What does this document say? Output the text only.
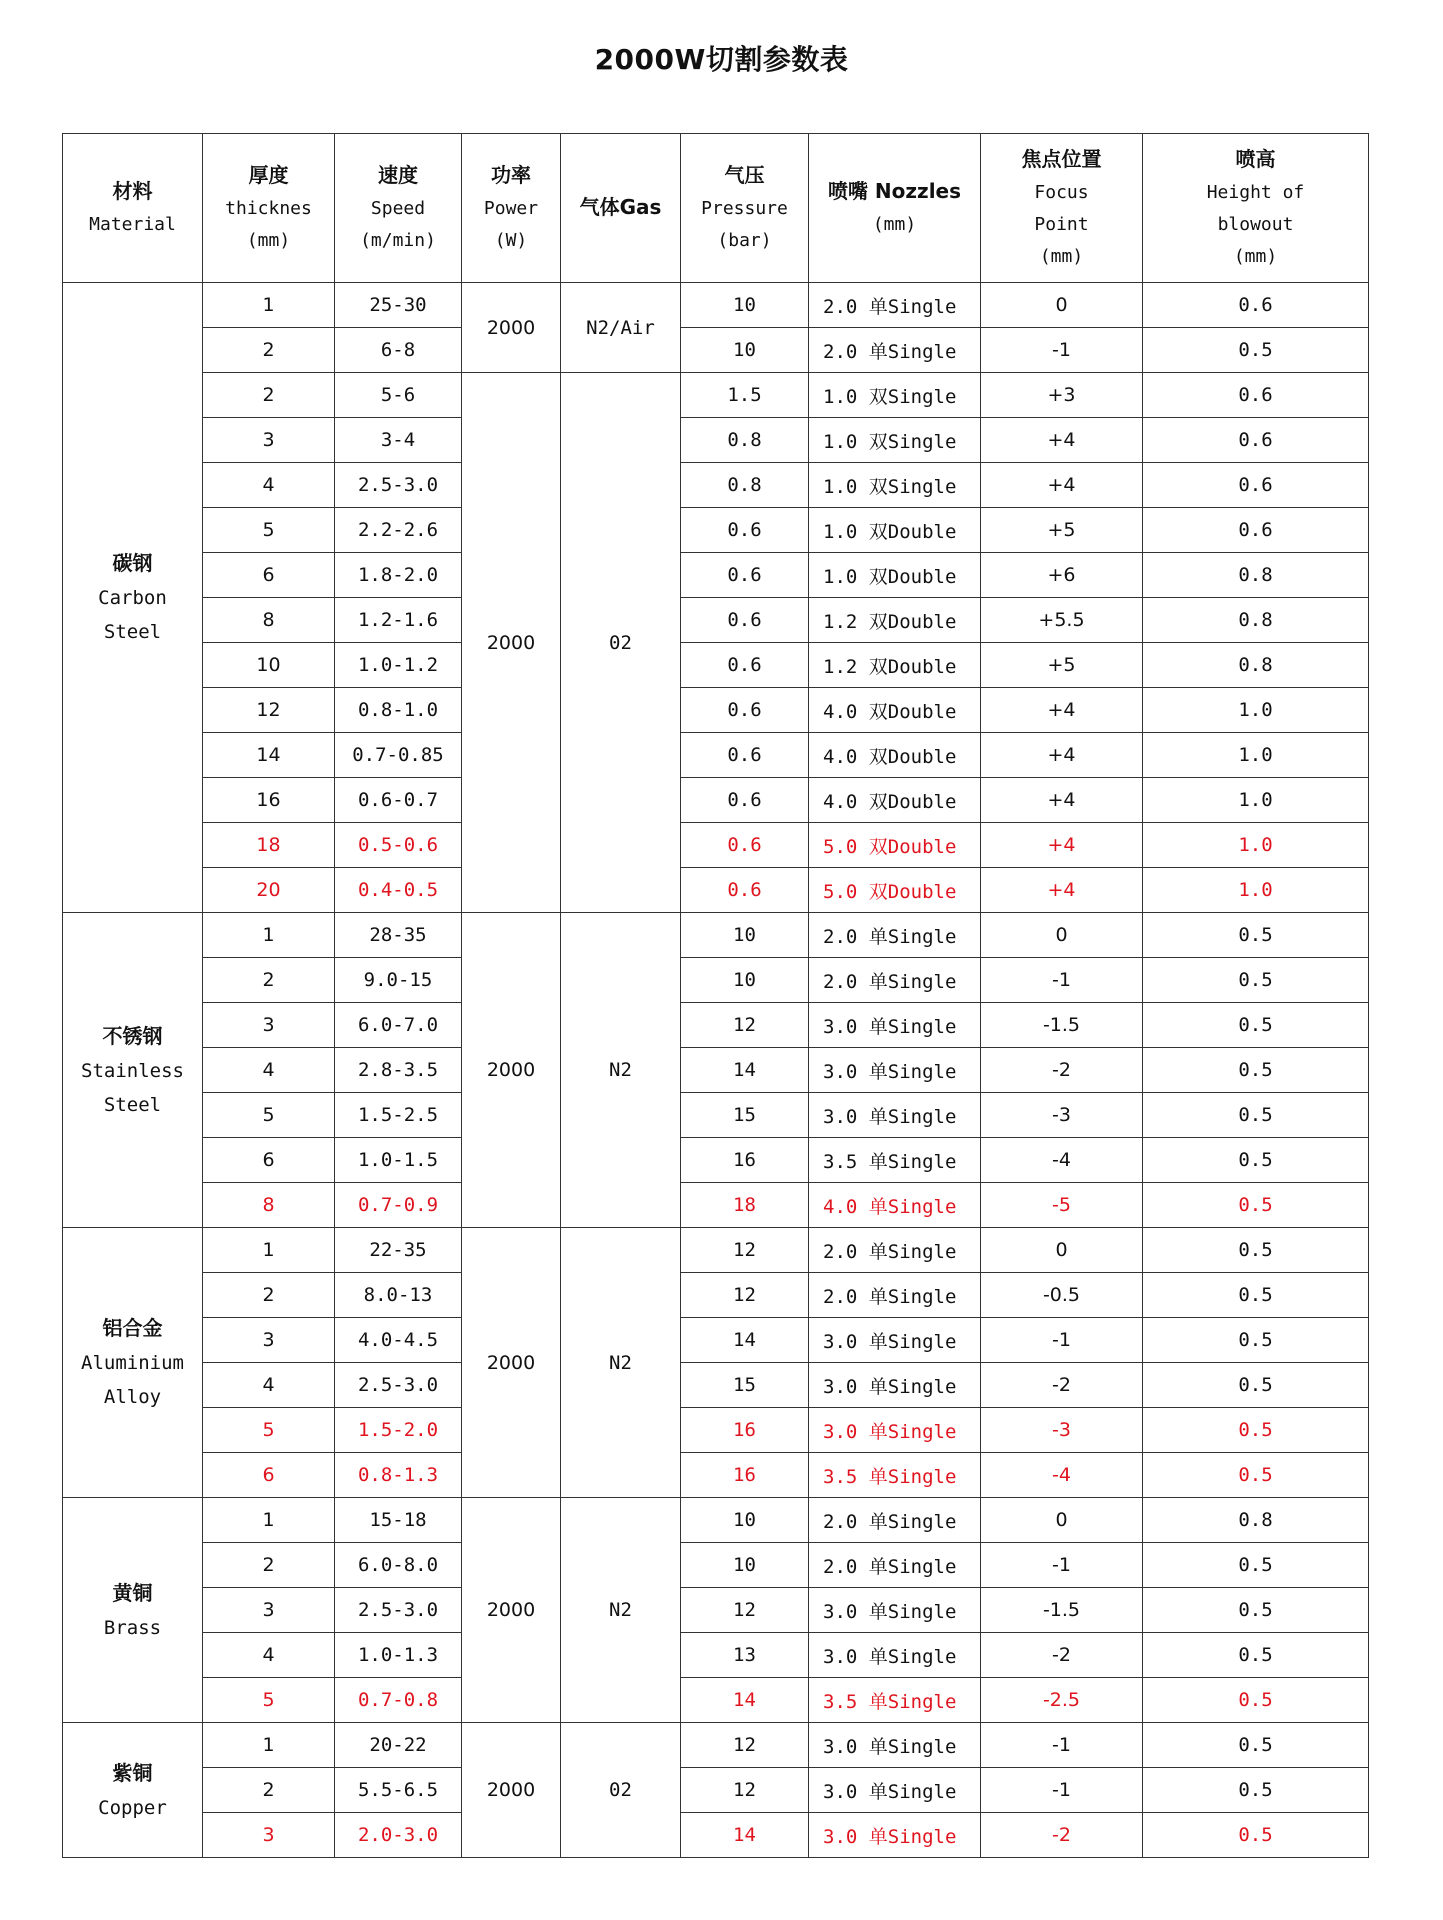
2000W切割参数表
材料
Material	厚度
thicknes
(mm)	速度
Speed
(m/min)	功率
Power
(W)	气体Gas	气压
Pressure
(bar)	喷嘴 Nozzles
(mm)	焦点位置
Focus
Point
(mm)	喷高
Height of
blowout
(mm)
碳钢
Carbon
Steel	1	25-30	2000	N2/Air	10	2.0 单Single	0	0.6
	2	6-8			10	2.0 单Single	-1	0.5
	2	5-6	2000	02	1.5	1.0 双Single	+3	0.6
	3	3-4			0.8	1.0 双Single	+4	0.6
	4	2.5-3.0			0.8	1.0 双Single	+4	0.6
	5	2.2-2.6			0.6	1.0 双Double	+5	0.6
	6	1.8-2.0			0.6	1.0 双Double	+6	0.8
	8	1.2-1.6			0.6	1.2 双Double	+5.5	0.8
	10	1.0-1.2			0.6	1.2 双Double	+5	0.8
	12	0.8-1.0			0.6	4.0 双Double	+4	1.0
	14	0.7-0.85			0.6	4.0 双Double	+4	1.0
	16	0.6-0.7			0.6	4.0 双Double	+4	1.0
	18	0.5-0.6			0.6	5.0 双Double	+4	1.0
	20	0.4-0.5			0.6	5.0 双Double	+4	1.0
不锈钢
Stainless
Steel	1	28-35	2000	N2	10	2.0 单Single	0	0.5
	2	9.0-15			10	2.0 单Single	-1	0.5
	3	6.0-7.0			12	3.0 单Single	-1.5	0.5
	4	2.8-3.5			14	3.0 单Single	-2	0.5
	5	1.5-2.5			15	3.0 单Single	-3	0.5
	6	1.0-1.5			16	3.5 单Single	-4	0.5
	8	0.7-0.9			18	4.0 单Single	-5	0.5
铝合金
Aluminium
Alloy	1	22-35	2000	N2	12	2.0 单Single	0	0.5
	2	8.0-13			12	2.0 单Single	-0.5	0.5
	3	4.0-4.5			14	3.0 单Single	-1	0.5
	4	2.5-3.0			15	3.0 单Single	-2	0.5
	5	1.5-2.0			16	3.0 单Single	-3	0.5
	6	0.8-1.3			16	3.5 单Single	-4	0.5
黄铜
Brass	1	15-18	2000	N2	10	2.0 单Single	0	0.8
	2	6.0-8.0			10	2.0 单Single	-1	0.5
	3	2.5-3.0			12	3.0 单Single	-1.5	0.5
	4	1.0-1.3			13	3.0 单Single	-2	0.5
	5	0.7-0.8			14	3.5 单Single	-2.5	0.5
紫铜
Copper	1	20-22	2000	02	12	3.0 单Single	-1	0.5
	2	5.5-6.5			12	3.0 单Single	-1	0.5
	3	2.0-3.0			14	3.0 单Single	-2	0.5
